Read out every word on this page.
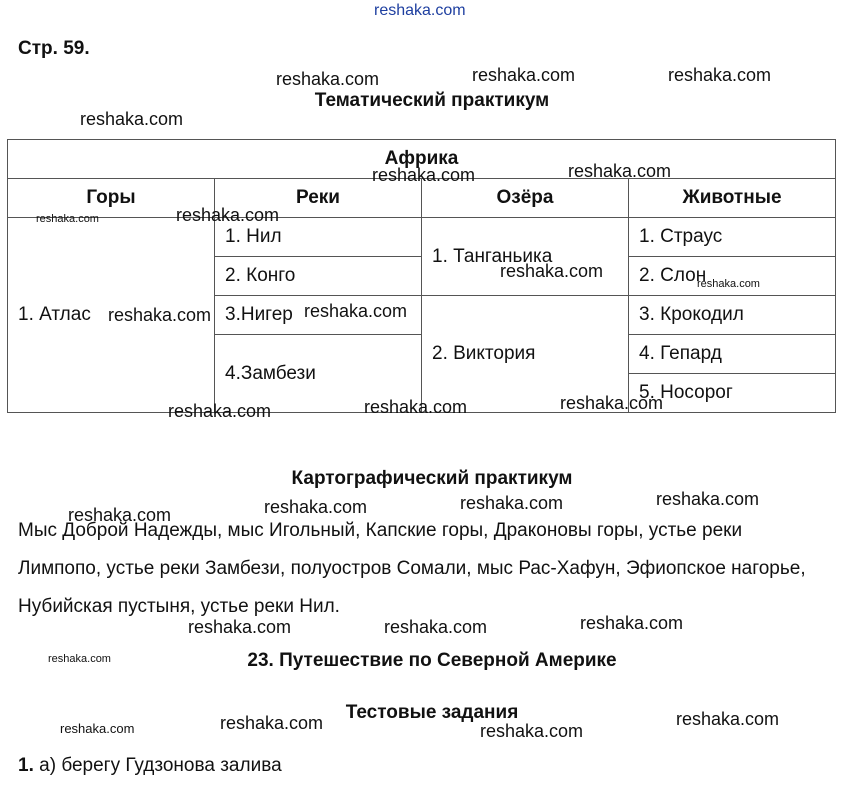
reshaka.com
Стр. 59.
Тематический практикум
Африка			
Горы	Реки	Озёра	Животные
1. Атлас	1. Нил	1. Танганьика	1. Страус
	2. Конго		2. Слон
	3.Нигер	2. Виктория	3. Крокодил
	4.Замбези		4. Гепард
			5. Носорог
Картографический практикум
Мыс Доброй Надежды, мыс Игольный, Капские горы, Драконовы горы, устье реки Лимпопо, устье реки Замбези, полуостров Сомали, мыс Рас-Хафун, Эфиопское нагорье, Нубийская пустыня, устье реки Нил.
23. Путешествие по Северной Америке
Тестовые задания
1. а) берегу Гудзонова залива
reshaka.com	reshaka.com	reshaka.com
reshaka.com
reshaka.com
reshaka.com
reshaka.com	reshaka.com
reshaka.com
reshaka.com
reshaka.com
reshaka.com
reshaka.com	reshaka.com	reshaka.com
reshaka.com	reshaka.com	reshaka.com	reshaka.com
reshaka.com	reshaka.com	reshaka.com
reshaka.com
reshaka.com	reshaka.com	reshaka.com
reshaka.com
